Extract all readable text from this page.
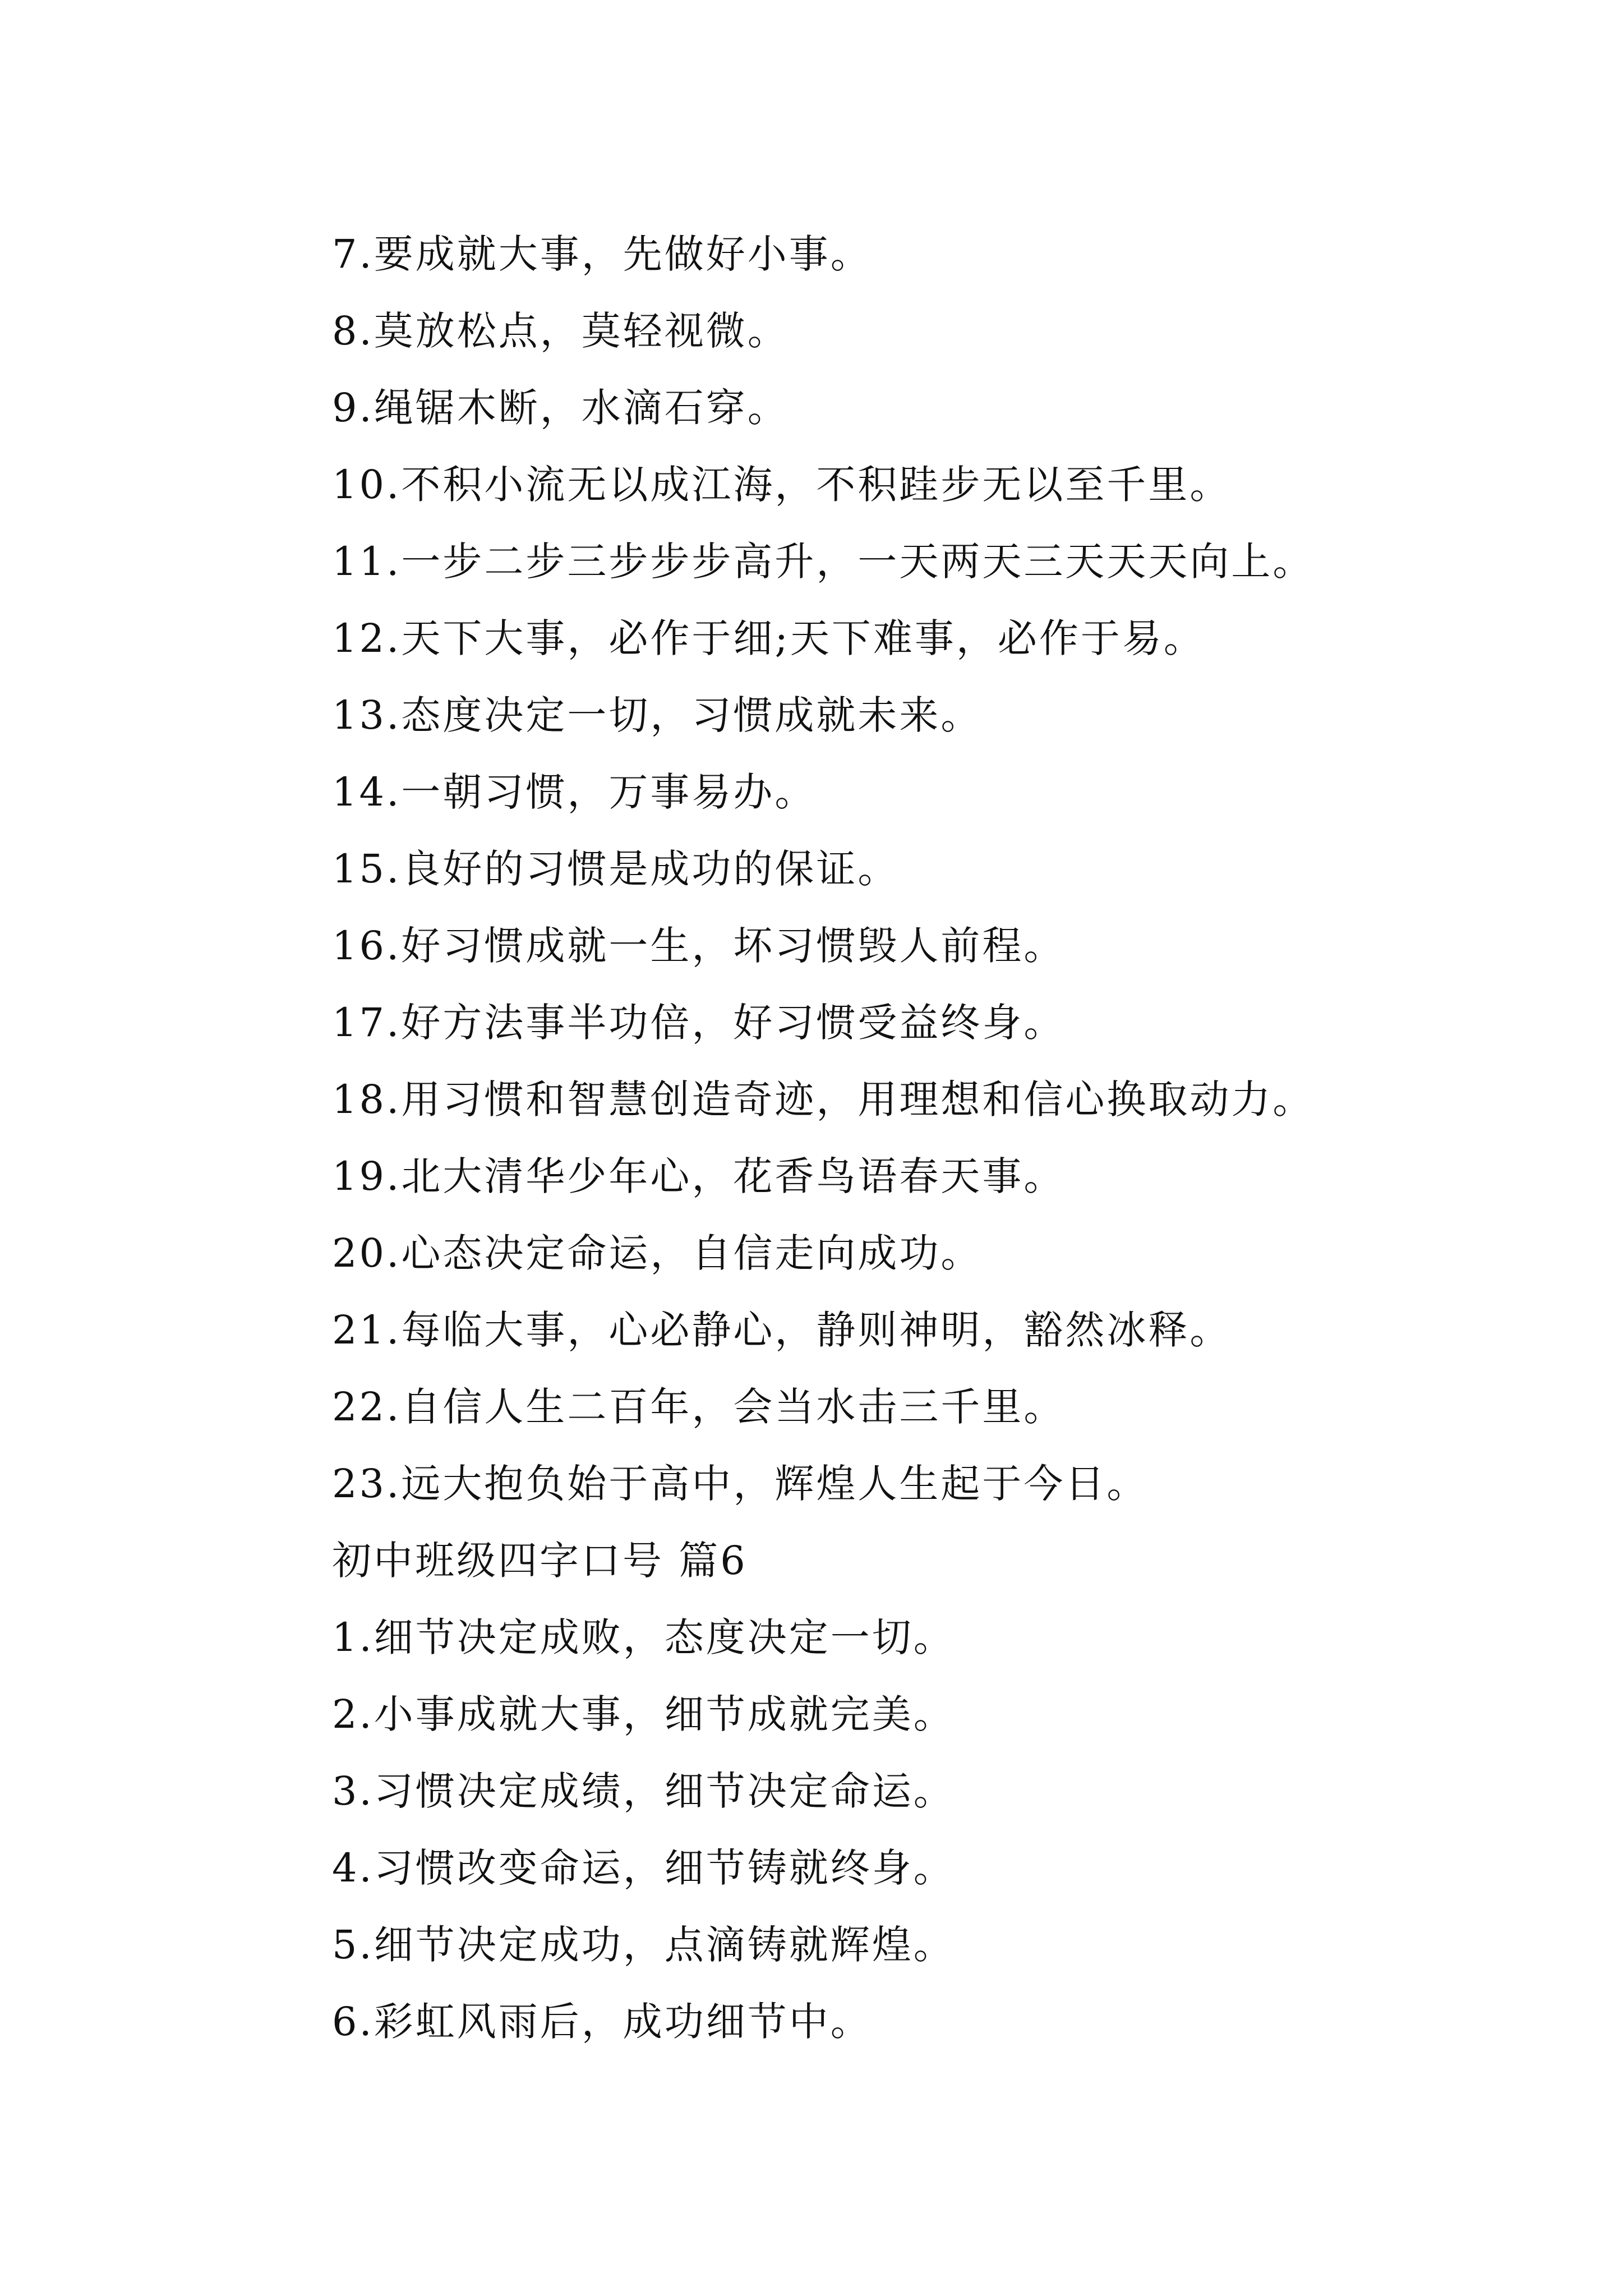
7.要成就大事，先做好小事。
8.莫放松点，莫轻视微。
9.绳锯木断，水滴石穿。
10.不积小流无以成江海，不积跬步无以至千里。
11.一步二步三步步步高升，一天两天三天天天向上。
12.天下大事，必作于细;天下难事，必作于易。
13.态度决定一切，习惯成就未来。
14.一朝习惯，万事易办。
15.良好的习惯是成功的保证。
16.好习惯成就一生，坏习惯毁人前程。
17.好方法事半功倍，好习惯受益终身。
18.用习惯和智慧创造奇迹，用理想和信心换取动力。
19.北大清华少年心，花香鸟语春天事。
20.心态决定命运，自信走向成功。
21.每临大事，心必静心，静则神明，豁然冰释。
22.自信人生二百年，会当水击三千里。
23.远大抱负始于高中，辉煌人生起于今日。
初中班级四字口号 篇6
1.细节决定成败，态度决定一切。
2.小事成就大事，细节成就完美。
3.习惯决定成绩，细节决定命运。
4.习惯改变命运，细节铸就终身。
5.细节决定成功，点滴铸就辉煌。
6.彩虹风雨后，成功细节中。
